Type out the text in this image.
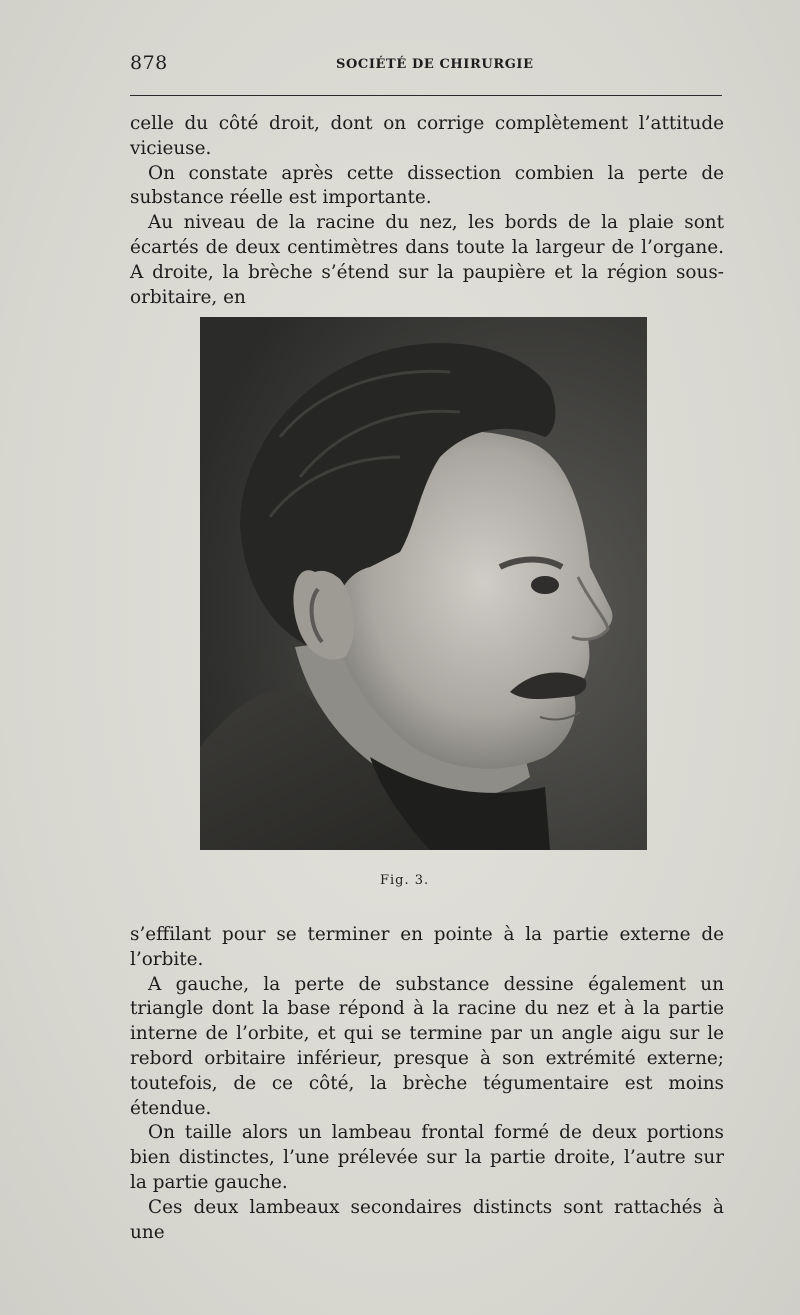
878	SOCIÉTÉ DE CHIRURGIE

celle du côté droit, dont on corrige complètement l’attitude vicieuse.

On constate après cette dissection combien la perte de substance réelle est importante.

Au niveau de la racine du nez, les bords de la plaie sont écartés de deux centimètres dans toute la largeur de l’organe. A droite, la brèche s’étend sur la paupière et la région sous-orbitaire, en

Fig. 3.

s’effilant pour se terminer en pointe à la partie externe de l’orbite.

A gauche, la perte de substance dessine également un triangle dont la base répond à la racine du nez et à la partie interne de l’orbite, et qui se termine par un angle aigu sur le rebord orbitaire inférieur, presque à son extrémité externe; toutefois, de ce côté, la brèche tégumentaire est moins étendue.

On taille alors un lambeau frontal formé de deux portions bien distinctes, l’une prélevée sur la partie droite, l’autre sur la partie gauche.

Ces deux lambeaux secondaires distincts sont rattachés à une
